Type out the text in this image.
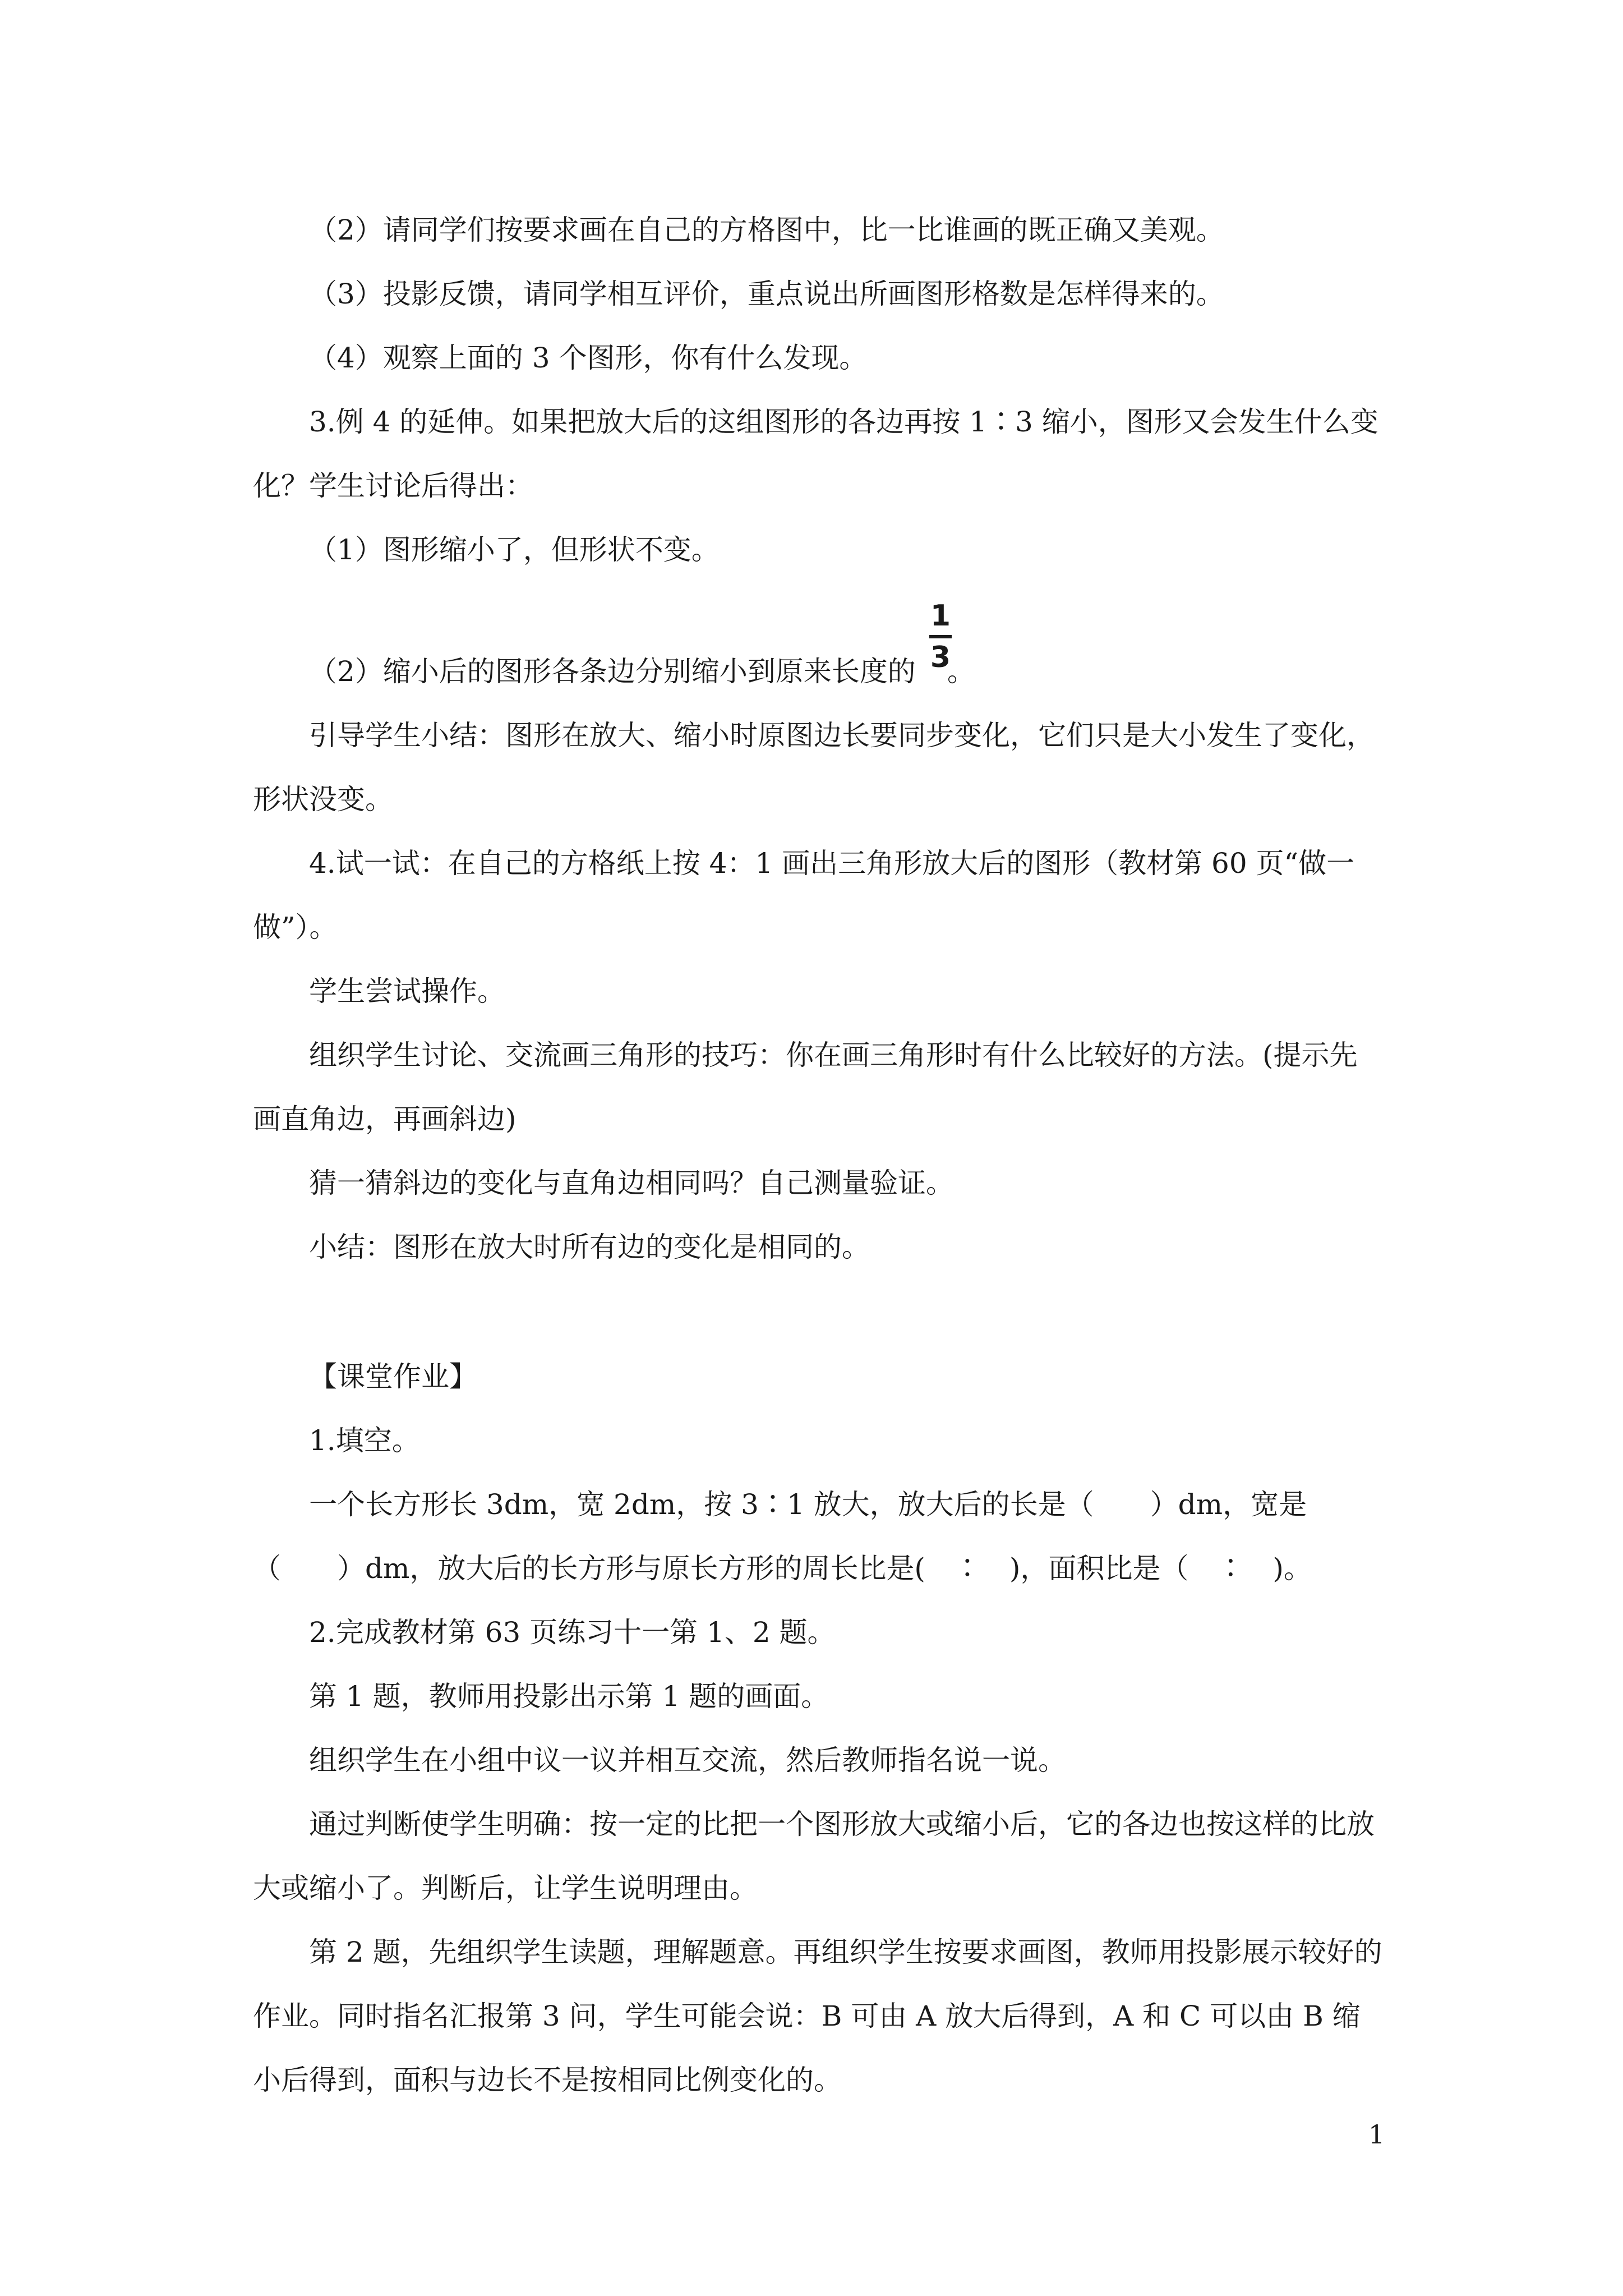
（2）请同学们按要求画在自己的方格图中，比一比谁画的既正确又美观。

（3）投影反馈，请同学相互评价，重点说出所画图形格数是怎样得来的。

（4）观察上面的 3 个图形，你有什么发现。

3.例 4 的延伸。如果把放大后的这组图形的各边再按 1∶3 缩小，图形又会发生什么变化？学生讨论后得出：

（1）图形缩小了，但形状不变。

（2）缩小后的图形各条边分别缩小到原来长度的 。

1
3

引导学生小结：图形在放大、缩小时原图边长要同步变化，它们只是大小发生了变化，形状没变。

4.试一试：在自己的方格纸上按 4：1 画出三角形放大后的图形（教材第 60 页“做一做”）。

学生尝试操作。

组织学生讨论、交流画三角形的技巧：你在画三角形时有什么比较好的方法。(提示先画直角边，再画斜边)

猜一猜斜边的变化与直角边相同吗？自己测量验证。

小结：图形在放大时所有边的变化是相同的。

【课堂作业】

1.填空。

一个长方形长 3dm，宽 2dm，按 3∶1 放大，放大后的长是（　　）dm，宽是（　　）dm，放大后的长方形与原长方形的周长比是(　∶　)，面积比是（　∶　)。

2.完成教材第 63 页练习十一第 1、2 题。

第 1 题，教师用投影出示第 1 题的画面。

组织学生在小组中议一议并相互交流，然后教师指名说一说。

通过判断使学生明确：按一定的比把一个图形放大或缩小后，它的各边也按这样的比放大或缩小了。判断后，让学生说明理由。

第 2 题，先组织学生读题，理解题意。再组织学生按要求画图，教师用投影展示较好的作业。同时指名汇报第 3 问，学生可能会说：B 可由 A 放大后得到，A 和 C 可以由 B 缩小后得到，面积与边长不是按相同比例变化的。

1
